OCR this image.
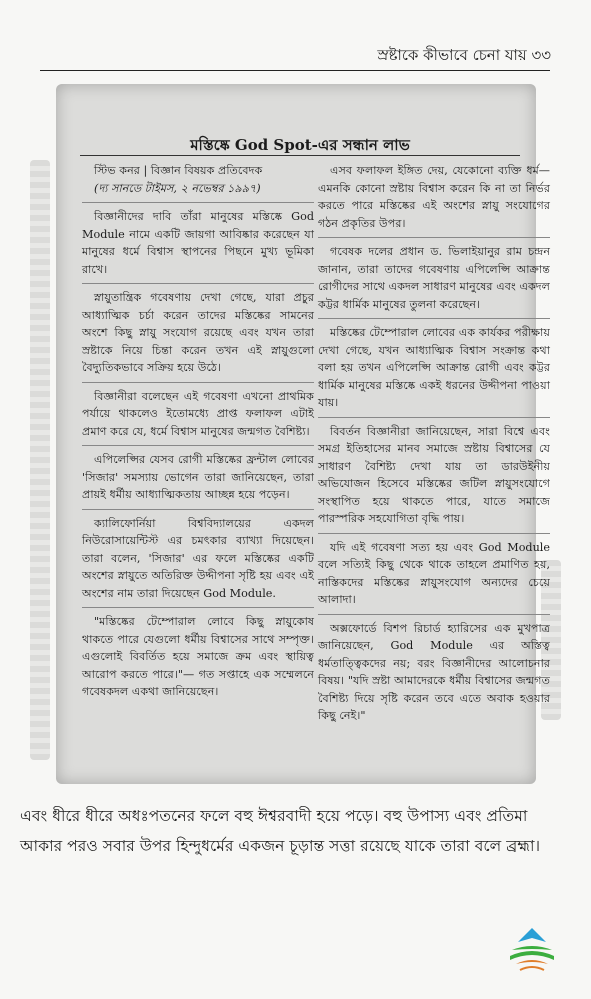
স্রষ্টাকে কীভাবে চেনা যায় ৩৩
মস্তিষ্কে God Spot-এর সন্ধান লাভ

স্টিভ কনর | বিজ্ঞান বিষয়ক প্রতিবেদক

(দ্য সানডে টাইমস, ২ নভেম্বর ১৯৯৭)

বিজ্ঞানীদের দাবি তাঁরা মানুষের মস্তিষ্কে God Module নামে একটি জায়গা আবিষ্কার করেছেন যা মানুষের ধর্মে বিশ্বাস স্থাপনের পিছনে মুখ্য ভূমিকা রাখে।

স্নায়ুতান্ত্রিক গবেষণায় দেখা গেছে, যারা প্রচুর আধ্যাত্মিক চর্চা করেন তাদের মস্তিষ্কের সামনের অংশে কিছু স্নায়ু সংযোগ রয়েছে এবং যখন তারা স্রষ্টাকে নিয়ে চিন্তা করেন তখন এই স্নায়ুগুলো বৈদ্যুতিকভাবে সক্রিয় হয়ে উঠে।

বিজ্ঞানীরা বলেছেন এই গবেষণা এখনো প্রাথমিক পর্যায়ে থাকলেও ইতোমধ্যে প্রাপ্ত ফলাফল এটাই প্রমাণ করে যে, ধর্মে বিশ্বাস মানুষের জন্মগত বৈশিষ্ট্য।

এপিলেপ্সির যেসব রোগী মস্তিষ্কের ফ্রন্টাল লোবের 'সিজার' সমস্যায় ভোগেন তারা জানিয়েছেন, তারা প্রায়ই ধর্মীয় আধ্যাত্মিকতায় আচ্ছন্ন হয়ে পড়েন।

ক্যালিফোর্নিয়া বিশ্ববিদ্যালয়ের একদল নিউরোসায়েন্টিস্ট এর চমৎকার ব্যাখ্যা দিয়েছেন। তারা বলেন, 'সিজার' এর ফলে মস্তিষ্কের একটি অংশের স্নায়ুতে অতিরিক্ত উদ্দীপনা সৃষ্টি হয় এবং এই অংশের নাম তারা দিয়েছেন God Module.

"মস্তিষ্কের টেম্পোরাল লোবে কিছু স্নায়ুকোষ থাকতে পারে যেগুলো ধর্মীয় বিশ্বাসের সাথে সম্পৃক্ত। এগুলোই বিবর্তিত হয়ে সমাজে ক্রম এবং স্থায়িত্ব আরোপ করতে পারে।"— গত সপ্তাহে এক সম্মেলনে গবেষকদল একথা জানিয়েছেন।

এসব ফলাফল ইঙ্গিত দেয়, যেকোনো ব্যক্তি ধর্ম—এমনকি কোনো স্রষ্টায় বিশ্বাস করেন কি না তা নির্ভর করতে পারে মস্তিষ্কের এই অংশের স্নায়ু সংযোগের গঠন প্রকৃতির উপর।

গবেষক দলের প্রধান ড. ভিলাইয়ানুর রাম চন্দ্রন জানান, তারা তাদের গবেষণায় এপিলেপ্সি আক্রান্ত রোগীদের সাথে একদল সাধারণ মানুষের এবং একদল কট্টর ধার্মিক মানুষের তুলনা করেছেন।

মস্তিষ্কের টেম্পোরাল লোবের এক কার্যকর পরীক্ষায় দেখা গেছে, যখন আধ্যাত্মিক বিশ্বাস সংক্রান্ত কথা বলা হয় তখন এপিলেপ্সি আক্রান্ত রোগী এবং কট্টর ধার্মিক মানুষের মস্তিষ্কে একই ধরনের উদ্দীপনা পাওয়া যায়।

বিবর্তন বিজ্ঞানীরা জানিয়েছেন, সারা বিশ্বে এবং সমগ্র ইতিহাসের মানব সমাজে স্রষ্টায় বিশ্বাসের যে সাধারণ বৈশিষ্ট্য দেখা যায় তা ডারউইনীয় অভিযোজন হিসেবে মস্তিষ্কের জটিল স্নায়ুসংযোগে সংস্থাপিত হয়ে থাকতে পারে, যাতে সমাজে পারস্পরিক সহযোগিতা বৃদ্ধি পায়।

যদি এই গবেষণা সত্য হয় এবং God Module বলে সত্যিই কিছু থেকে থাকে তাহলে প্রমাণিত হয়, নাস্তিকদের মস্তিষ্কের স্নায়ুসংযোগ অন্যদের চেয়ে আলাদা।

অক্সফোর্ডে বিশপ রিচার্ড হ্যারিসের এক মুখপাত্র জানিয়েছেন, God Module এর অস্তিত্ব ধর্মতাত্ত্বিকদের নয়; বরং বিজ্ঞানীদের আলোচনার বিষয়। "যদি স্রষ্টা আমাদেরকে ধর্মীয় বিশ্বাসের জন্মগত বৈশিষ্ট্য দিয়ে সৃষ্টি করেন তবে এতে অবাক হওয়ার কিছু নেই।"

এবং ধীরে ধীরে অধঃপতনের ফলে বহু ঈশ্বরবাদী হয়ে পড়ে। বহু উপাস্য এবং প্রতিমা
আকার পরও সবার উপর হিন্দুধর্মের একজন চূড়ান্ত সত্তা রয়েছে যাকে তারা বলে ব্রহ্মা।
